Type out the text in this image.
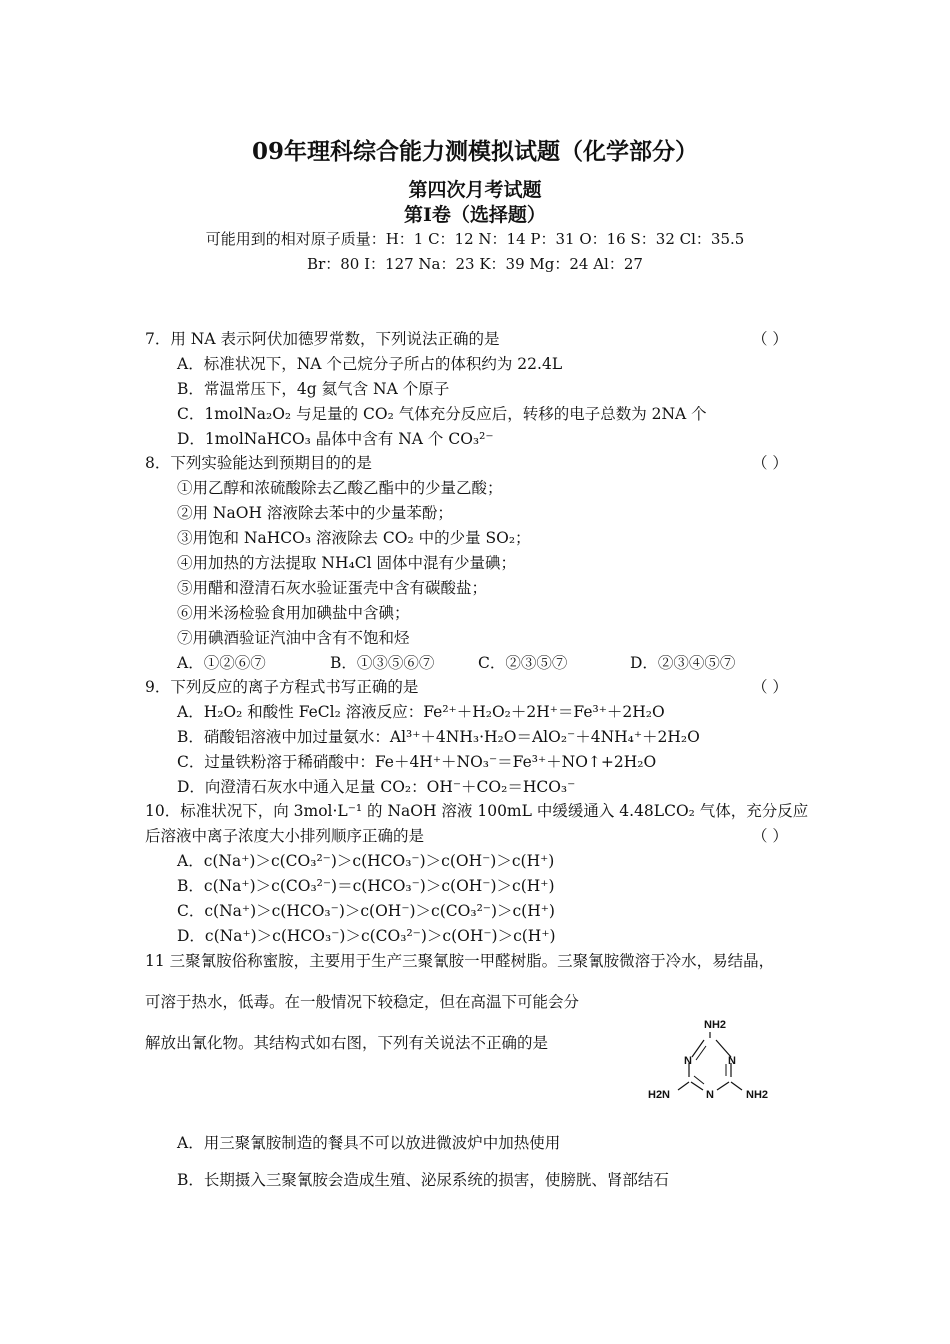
09年理科综合能力测模拟试题（化学部分）
第四次月考试题
第Ⅰ卷（选择题）
可能用到的相对原子质量：H：1 C：12 N：14 P：31 O：16 S：32 Cl：35.5
Br：80 I：127 Na：23 K：39 Mg：24 Al：27
7．用 NA 表示阿伏加德罗常数，下列说法正确的是	（ ）
A．标准状况下，NA 个己烷分子所占的体积约为 22.4L
B．常温常压下，4g 氦气含 NA 个原子
C．1molNa₂O₂ 与足量的 CO₂ 气体充分反应后，转移的电子总数为 2NA 个
D．1molNaHCO₃ 晶体中含有 NA 个 CO₃²⁻
8．下列实验能达到预期目的的是	（ ）
①用乙醇和浓硫酸除去乙酸乙酯中的少量乙酸；
②用 NaOH 溶液除去苯中的少量苯酚；
③用饱和 NaHCO₃ 溶液除去 CO₂ 中的少量 SO₂；
④用加热的方法提取 NH₄Cl 固体中混有少量碘；
⑤用醋和澄清石灰水验证蛋壳中含有碳酸盐；
⑥用米汤检验食用加碘盐中含碘；
⑦用碘酒验证汽油中含有不饱和烃
A．①②⑥⑦	B．①③⑤⑥⑦	C．②③⑤⑦	D．②③④⑤⑦
9．下列反应的离子方程式书写正确的是	（ ）
A．H₂O₂ 和酸性 FeCl₂ 溶液反应：Fe²⁺＋H₂O₂＋2H⁺＝Fe³⁺＋2H₂O
B．硝酸铝溶液中加过量氨水：Al³⁺＋4NH₃·H₂O＝AlO₂⁻＋4NH₄⁺＋2H₂O
C．过量铁粉溶于稀硝酸中：Fe＋4H⁺＋NO₃⁻＝Fe³⁺＋NO↑+2H₂O
D．向澄清石灰水中通入足量 CO₂：OH⁻＋CO₂＝HCO₃⁻
10．标准状况下，向 3mol·L⁻¹ 的 NaOH 溶液 100mL 中缓缓通入 4.48LCO₂ 气体，充分反应
后溶液中离子浓度大小排列顺序正确的是	（ ）
A．c(Na⁺)＞c(CO₃²⁻)＞c(HCO₃⁻)＞c(OH⁻)＞c(H⁺)
B．c(Na⁺)＞c(CO₃²⁻)＝c(HCO₃⁻)＞c(OH⁻)＞c(H⁺)
C．c(Na⁺)＞c(HCO₃⁻)＞c(OH⁻)＞c(CO₃²⁻)＞c(H⁺)
D．c(Na⁺)＞c(HCO₃⁻)＞c(CO₃²⁻)＞c(OH⁻)＞c(H⁺)
11 三聚氰胺俗称蜜胺，主要用于生产三聚氰胺一甲醛树脂。三聚氰胺微溶于冷水，易结晶，
可溶于热水，低毒。在一般情况下较稳定，但在高温下可能会分
解放出氰化物。其结构式如右图，下列有关说法不正确的是
NH2
N	N
N
H2N	NH2
A．用三聚氰胺制造的餐具不可以放进微波炉中加热使用
B．长期摄入三聚氰胺会造成生殖、泌尿系统的损害，使膀胱、肾部结石
